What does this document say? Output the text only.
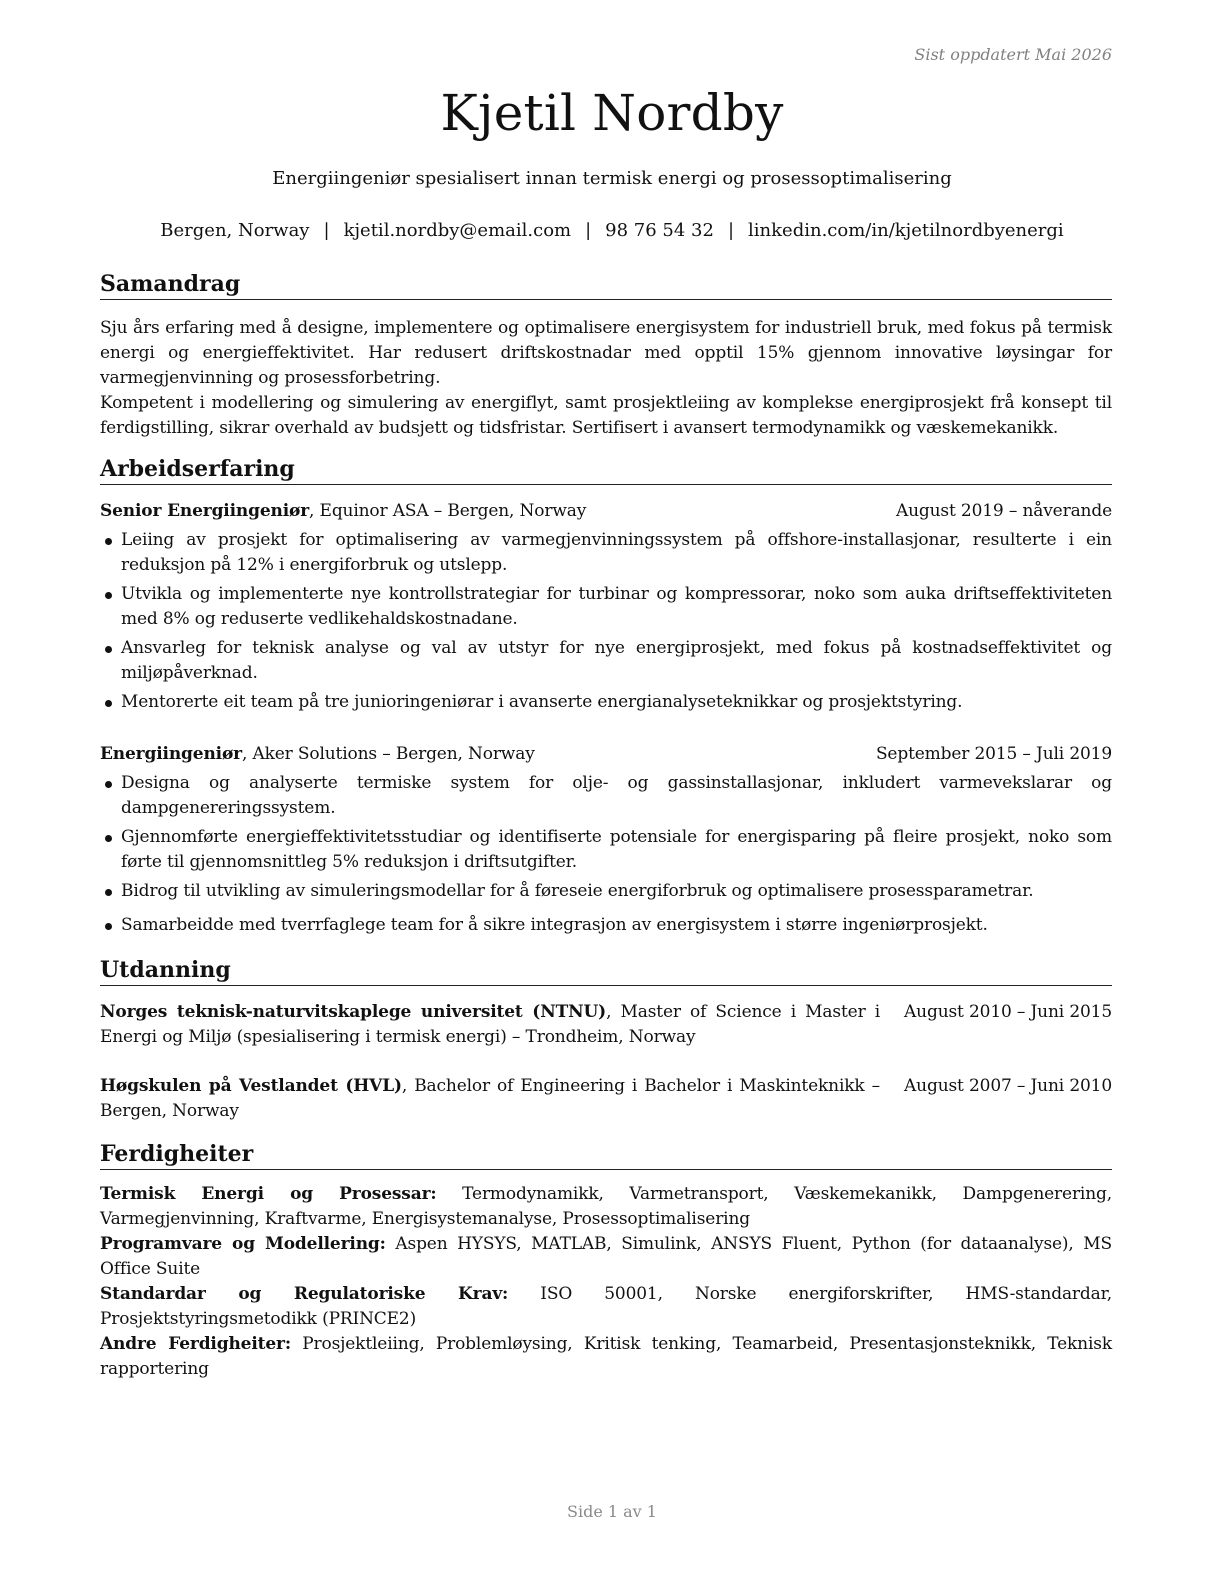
Sist oppdatert Mai 2026
Kjetil Nordby
Energiingeniør spesialisert innan termisk energi og prosessoptimalisering
Bergen, Norway | kjetil.nordby@email.com | 98 76 54 32 | linkedin.com/in/kjetilnordbyenergi
Samandrag

Sju års erfaring med å designe, implementere og optimalisere energisystem for industriell bruk, med fokus på termisk energi og energieffektivitet. Har redusert driftskostnadar med opptil 15% gjennom innovative løysingar for varmegjenvinning og prosessforbetring.

Kompetent i modellering og simulering av energiflyt, samt prosjektleiing av komplekse energiprosjekt frå konsept til ferdigstilling, sikrar overhald av budsjett og tidsfristar. Sertifisert i avansert termodynamikk og væskemekanikk.

Arbeidserfaring
Senior Energiingeniør, Equinor ASA – Bergen, Norway	August 2019 – nåverande
Leiing av prosjekt for optimalisering av varmegjenvinningssystem på offshore-installasjonar, resulterte i ein reduksjon på 12% i energiforbruk og utslepp.
Utvikla og implementerte nye kontrollstrategiar for turbinar og kompressorar, noko som auka driftseffektiviteten med 8% og reduserte vedlikehaldskostnadane.
Ansvarleg for teknisk analyse og val av utstyr for nye energiprosjekt, med fokus på kostnadseffektivitet og miljøpåverknad.
Mentorerte eit team på tre junioringeniørar i avanserte energianalyseteknikkar og prosjektstyring.
Energiingeniør, Aker Solutions – Bergen, Norway	September 2015 – Juli 2019
Designa og analyserte termiske system for olje- og gassinstallasjonar, inkludert varmevekslarar og dampgenereringssystem.
Gjennomførte energieffektivitetsstudiar og identifiserte potensiale for energisparing på fleire prosjekt, noko som førte til gjennomsnittleg 5% reduksjon i driftsutgifter.
Bidrog til utvikling av simuleringsmodellar for å føreseie energiforbruk og optimalisere prosessparametrar.
Samarbeidde med tverrfaglege team for å sikre integrasjon av energisystem i større ingeniørprosjekt.
Utdanning
Norges teknisk-naturvitskaplege universitet (NTNU), Master of Science i Master i Energi og Miljø (spesialisering i termisk energi) – Trondheim, Norway
August 2010 – Juni 2015
Høgskulen på Vestlandet (HVL), Bachelor of Engineering i Bachelor i Maskinteknikk – Bergen, Norway
August 2007 – Juni 2010
Ferdigheiter

Termisk Energi og Prosessar: Termodynamikk, Varmetransport, Væskemekanikk, Dampgenerering, Varmegjenvinning, Kraftvarme, Energisystemanalyse, Prosessoptimalisering

Programvare og Modellering: Aspen HYSYS, MATLAB, Simulink, ANSYS Fluent, Python (for dataanalyse), MS Office Suite

Standardar og Regulatoriske Krav: ISO 50001, Norske energiforskrifter, HMS-standardar, Prosjektstyringsmetodikk (PRINCE2)

Andre Ferdigheiter: Prosjektleiing, Problemløysing, Kritisk tenking, Teamarbeid, Presentasjonsteknikk, Teknisk rapportering

Side 1 av 1
